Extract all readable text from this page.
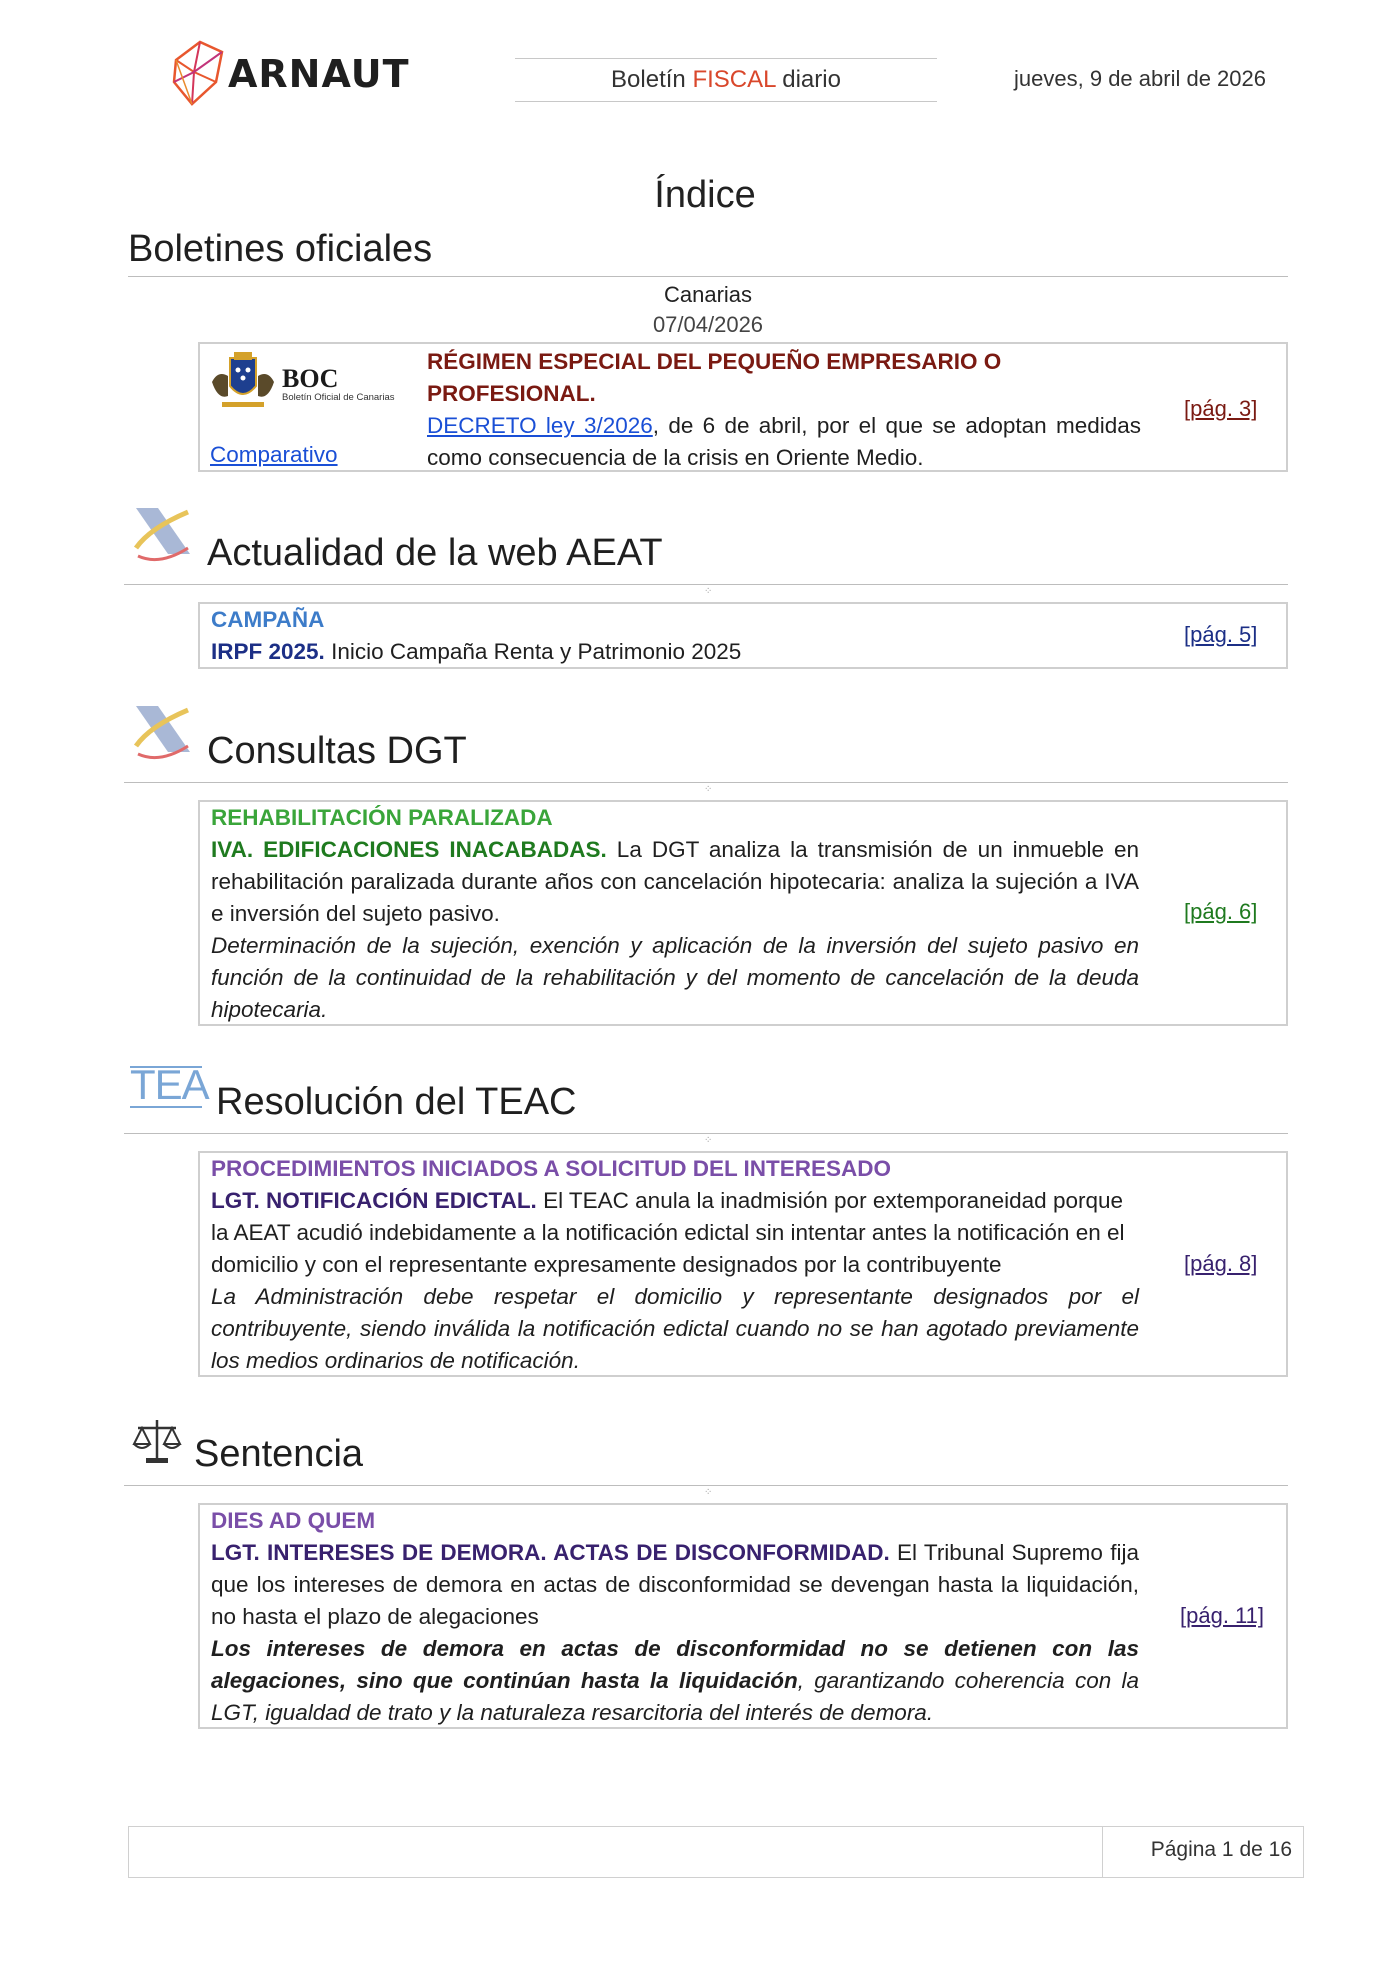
ARNAUT	Boletín FISCAL diario	jueves, 9 de abril de 2026
Índice
Boletines oficiales
Canarias
07/04/2026
BOC
Boletín Oficial de Canarias
RÉGIMEN ESPECIAL DEL PEQUEÑO EMPRESARIO O PROFESIONAL.
DECRETO ley 3/2026, de 6 de abril, por el que se adoptan medidas como consecuencia de la crisis en Oriente Medio.
Comparativo
[pág. 3]
Actualidad de la web AEAT
⁘
CAMPAÑA
IRPF 2025. Inicio Campaña Renta y Patrimonio 2025
[pág. 5]
Consultas DGT
⁘
REHABILITACIÓN PARALIZADA
IVA. EDIFICACIONES INACABADAS. La DGT analiza la transmisión de un inmueble en rehabilitación paralizada durante años con cancelación hipotecaria: analiza la sujeción a IVA e inversión del sujeto pasivo.
Determinación de la sujeción, exención y aplicación de la inversión del sujeto pasivo en función de la continuidad de la rehabilitación y del momento de cancelación de la deuda hipotecaria.
[pág. 6]
TEA Resolución del TEAC
⁘
PROCEDIMIENTOS INICIADOS A SOLICITUD DEL INTERESADO
LGT. NOTIFICACIÓN EDICTAL. El TEAC anula la inadmisión por extemporaneidad porque la AEAT acudió indebidamente a la notificación edictal sin intentar antes la notificación en el domicilio y con el representante expresamente designados por la contribuyente
La Administración debe respetar el domicilio y representante designados por el contribuyente, siendo inválida la notificación edictal cuando no se han agotado previamente los medios ordinarios de notificación.
[pág. 8]
Sentencia
⁘
DIES AD QUEM
LGT. INTERESES DE DEMORA. ACTAS DE DISCONFORMIDAD. El Tribunal Supremo fija que los intereses de demora en actas de disconformidad se devengan hasta la liquidación, no hasta el plazo de alegaciones
Los intereses de demora en actas de disconformidad no se detienen con las alegaciones, sino que continúan hasta la liquidación, garantizando coherencia con la LGT, igualdad de trato y la naturaleza resarcitoria del interés de demora.
[pág. 11]
Página 1 de 16
